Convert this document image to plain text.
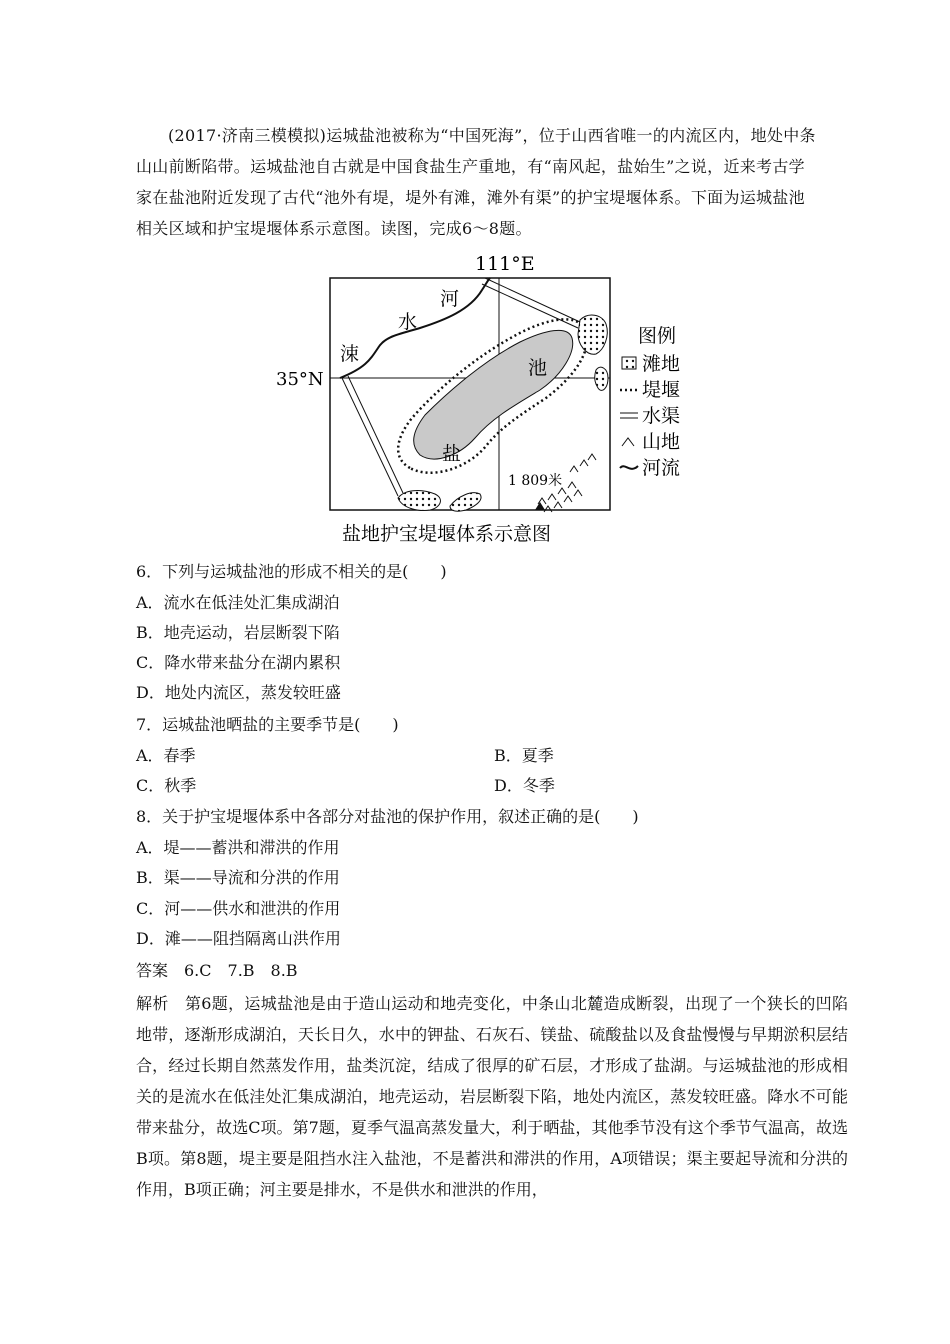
(2017·济南三模模拟)运城盐池被称为“中国死海”，位于山西省唯一的内流区内，地处中条山山前断陷带。运城盐池自古就是中国食盐生产重地，有“南风起，盐始生”之说，近来考古学家在盐池附近发现了古代“池外有堤，堤外有滩，滩外有渠”的护宝堤堰体系。下面为运城盐池相关区域和护宝堤堰体系示意图。读图，完成6～8题。
111°E
35°N
涑
水
河
池
盐
1 809米
图例
滩地
堤堰
水渠
山地
河流
盐地护宝堤堰体系示意图
6．下列与运城盐池的形成不相关的是(　　)
A．流水在低洼处汇集成湖泊
B．地壳运动，岩层断裂下陷
C．降水带来盐分在湖内累积
D．地处内流区，蒸发较旺盛
7．运城盐池晒盐的主要季节是(　　)
A．春季	B．夏季
C．秋季	D．冬季
8．关于护宝堤堰体系中各部分对盐池的保护作用，叙述正确的是(　　)
A．堤——蓄洪和滞洪的作用
B．渠——导流和分洪的作用
C．河——供水和泄洪的作用
D．滩——阻挡隔离山洪作用
答案　6.C　7.B　8.B
解析　第6题，运城盐池是由于造山运动和地壳变化，中条山北麓造成断裂，出现了一个狭长的凹陷地带，逐渐形成湖泊，天长日久，水中的钾盐、石灰石、镁盐、硫酸盐以及食盐慢慢与早期淤积层结合，经过长期自然蒸发作用，盐类沉淀，结成了很厚的矿石层，才形成了盐湖。与运城盐池的形成相关的是流水在低洼处汇集成湖泊，地壳运动，岩层断裂下陷，地处内流区，蒸发较旺盛。降水不可能带来盐分，故选C项。第7题，夏季气温高蒸发量大，利于晒盐，其他季节没有这个季节气温高，故选B项。第8题，堤主要是阻挡水注入盐池，不是蓄洪和滞洪的作用，A项错误；渠主要起导流和分洪的作用，B项正确；河主要是排水，不是供水和泄洪的作用，
